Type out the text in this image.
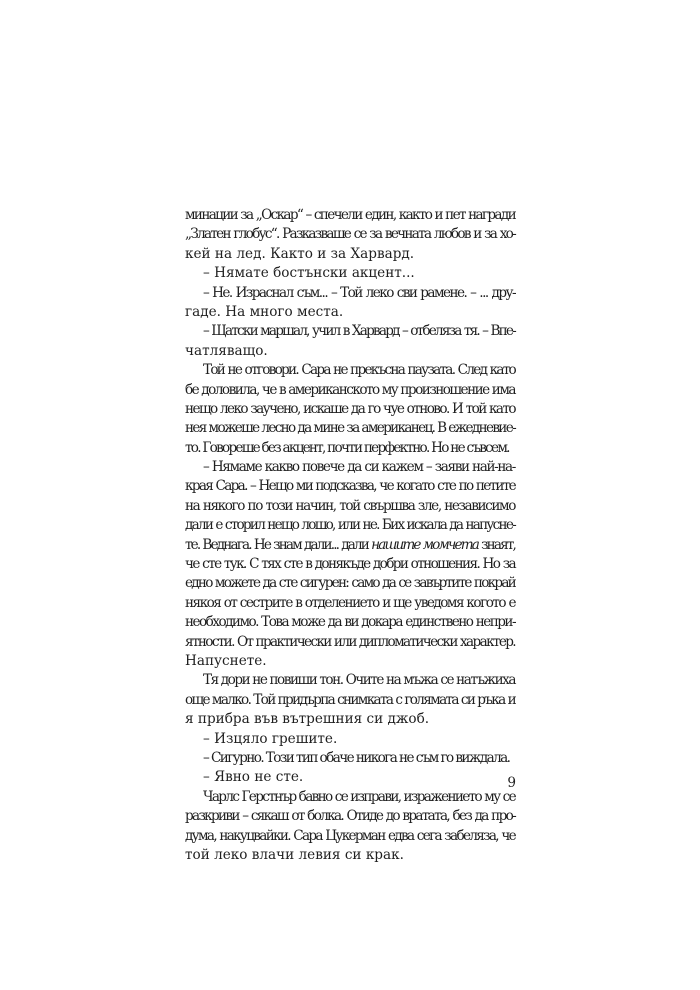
минации за „Оскар“ – спечели един, както и пет награди
„Златен глобус“. Разказваше се за вечната любов и за хо-
кей на лед. Както и за Харвард.
– Нямате бостънски акцент...
– Не. Израснал съм... – Той леко сви рамене. – ... дру-
гаде. На много места.
– Щатски маршал, учил в Харвард – отбеляза тя. – Впе-
чатляващо.
Той не отговори. Сара не прекъсна паузата. След като
бе доловила, че в американското му произношение има
нещо леко заучено, искаше да го чуе отново. И той като
нея можеше лесно да мине за американец. В ежедневие-
то. Говореше без акцент, почти перфектно. Но не съвсем.
– Нямаме какво повече да си кажем – заяви най-на-
края Сара. – Нещо ми подсказва, че когато сте по петите
на някого по този начин, той свършва зле, независимо
дали е сторил нещо лошо, или не. Бих искала да напусне-
те. Веднага. Не знам дали... дали нашите момчета знаят,
че сте тук. С тях сте в донякъде добри отношения. Но за
едно можете да сте сигурен: само да се завъртите покрай
някоя от сестрите в отделението и ще уведомя когото е
необходимо. Това може да ви докара единствено непри-
ятности. От практически или дипломатически характер.
Напуснете.
Тя дори не повиши тон. Очите на мъжа се натъжиха
още малко. Той придърпа снимката с голямата си ръка и
я прибра във вътрешния си джоб.
– Изцяло грешите.
– Сигурно. Този тип обаче никога не съм го виждала.
– Явно не сте.
Чарлс Герстнър бавно се изправи, изражението му се
разкриви – сякаш от болка. Отиде до вратата, без да про-
дума, накуцвайки. Сара Цукерман едва сега забеляза, че
той леко влачи левия си крак.
9
